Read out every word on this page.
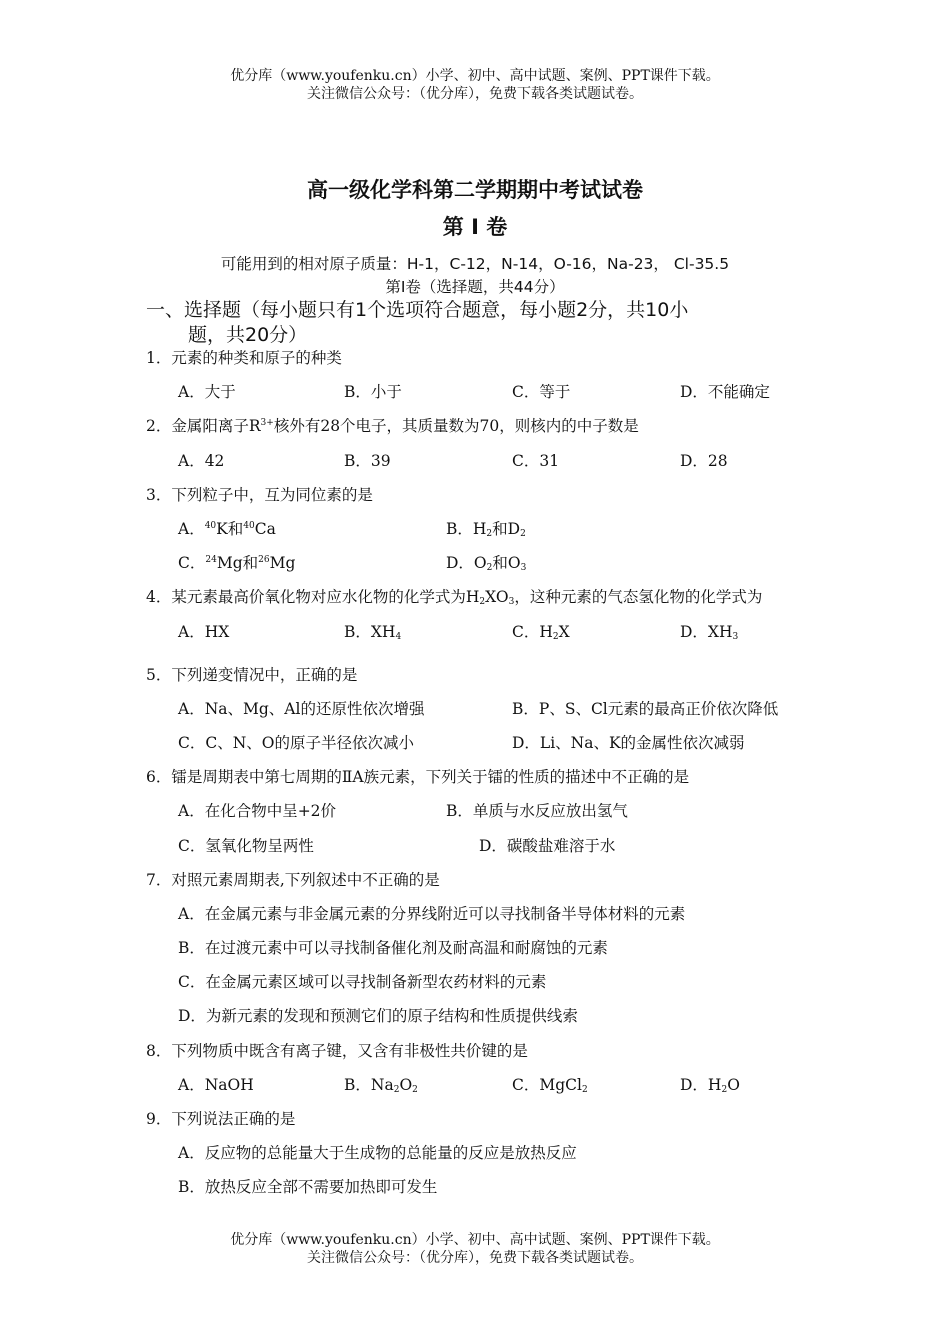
优分库（www.youfenku.cn）小学、初中、高中试题、案例、PPT课件下载。
关注微信公众号：（优分库），免费下载各类试题试卷。
高一级化学科第二学期期中考试试卷
第 I 卷
可能用到的相对原子质量：H-1，C-12，N-14，O-16，Na-23， Cl-35.5
第Ⅰ卷（选择题，共44分）
一、选择题（每小题只有1个选项符合题意，每小题2分，共10小
题，共20分）
1．元素的种类和原子的种类
A．大于	B．小于	C．等于	D．不能确定
2．金属阳离子$R^{3+}$核外有28个电子，其质量数为70，则核内的中子数是
A．42	B．39	C．31	D．28
3．下列粒子中，互为同位素的是
A．$^{40}$K和$^{40}$Ca	B．$H_2$和$D_2$
C．$^{24}$Mg和$^{26}$Mg	D．$O_2$和$O_3$
4．某元素最高价氧化物对应水化物的化学式为$H_2XO_3$，这种元素的气态氢化物的化学式为
A．HX	B．$XH_4$	C．$H_2X$	D．$XH_3$
5．下列递变情况中，正确的是
A．Na、Mg、Al的还原性依次增强	B．P、S、Cl元素的最高正价依次降低
C．C、N、O的原子半径依次减小	D．Li、Na、K的金属性依次减弱
6．镭是周期表中第七周期的ⅡA族元素，下列关于镭的性质的描述中不正确的是
A．在化合物中呈+2价	B．单质与水反应放出氢气
C．氢氧化物呈两性	D．碳酸盐难溶于水
7．对照元素周期表,下列叙述中不正确的是
A．在金属元素与非金属元素的分界线附近可以寻找制备半导体材料的元素
B．在过渡元素中可以寻找制备催化剂及耐高温和耐腐蚀的元素
C．在金属元素区域可以寻找制备新型农药材料的元素
D．为新元素的发现和预测它们的原子结构和性质提供线索
8．下列物质中既含有离子键，又含有非极性共价键的是
A．NaOH	B．$Na_2O_2$	C．MgCl$_2$	D．$H_2O$
9．下列说法正确的是
A．反应物的总能量大于生成物的总能量的反应是放热反应
B．放热反应全部不需要加热即可发生
优分库（www.youfenku.cn）小学、初中、高中试题、案例、PPT课件下载。
关注微信公众号：（优分库），免费下载各类试题试卷。
